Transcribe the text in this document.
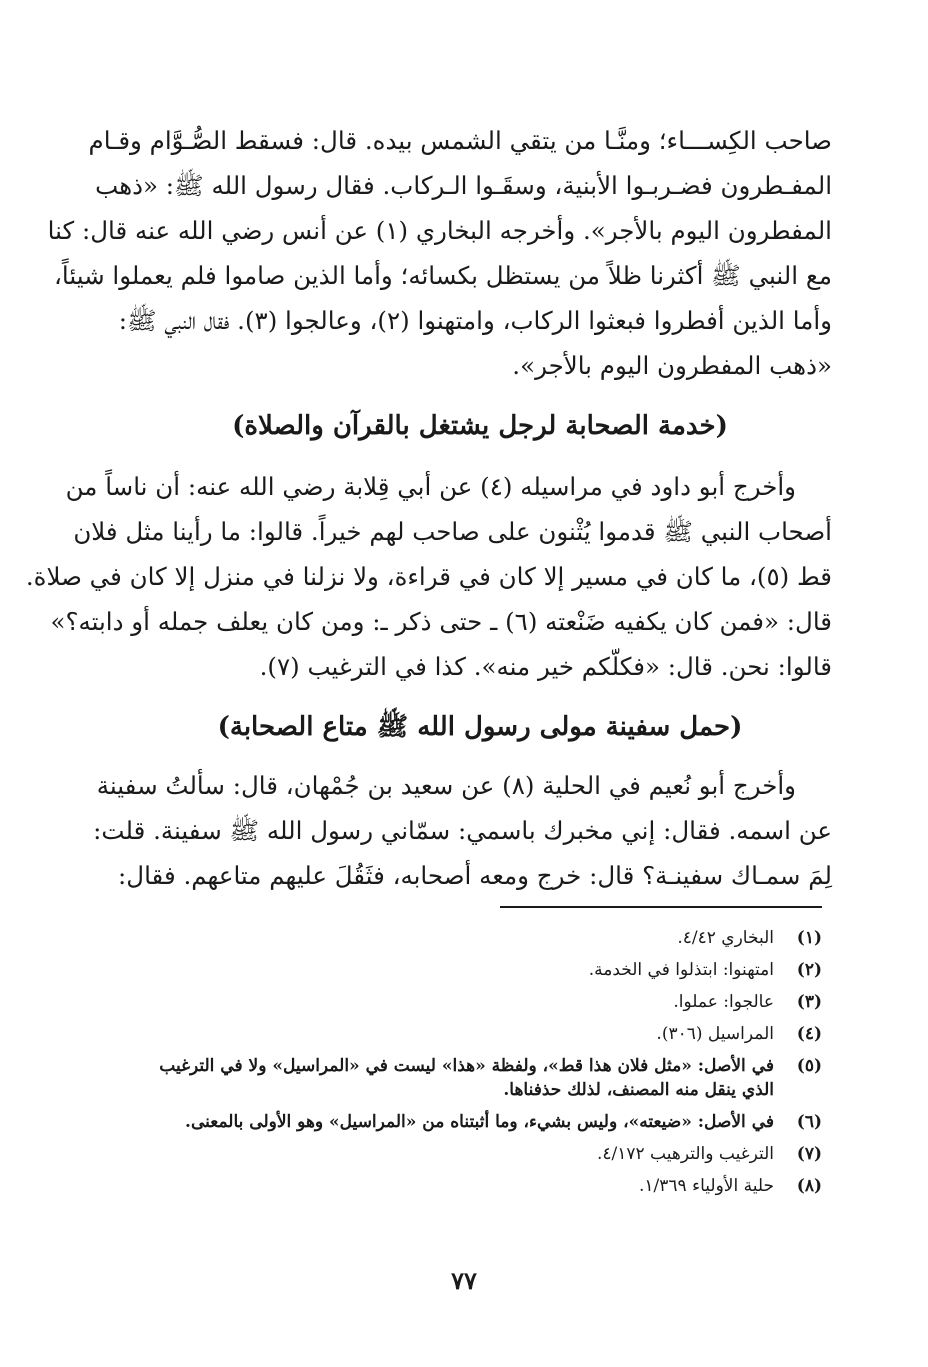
صاحب الكِســـاء؛ ومنَّـا من يتقي الشمس بيده. قال: فسقط الصُّـوَّام وقـام
المفـطرون فضـربـوا الأبنية، وسقَـوا الـركاب. فقال رسول الله ﷺ: «ذهب
المفطرون اليوم بالأجر». وأخرجه البخاري (١) عن أنس رضي الله عنه قال: كنا
مع النبي ﷺ أكثرنا ظلاً من يستظل بكسائه؛ وأما الذين صاموا فلم يعملوا شيئاً،
وأما الذين أفطروا فبعثوا الركاب، وامتهنوا (٢)، وعالجوا (٣). فقال النبي ﷺ:
«ذهب المفطرون اليوم بالأجر».

(خدمة الصحابة لرجل يشتغل بالقرآن والصلاة)

وأخرج أبو داود في مراسيله (٤) عن أبي قِلابة رضي الله عنه: أن ناساً من
أصحاب النبي ﷺ قدموا يُثْنون على صاحب لهم خيراً. قالوا: ما رأينا مثل فلان
قط (٥)، ما كان في مسير إلا كان في قراءة، ولا نزلنا في منزل إلا كان في صلاة.
قال: «فمن كان يكفيه ضَنْعته (٦) ـ حتى ذكر ـ: ومن كان يعلف جمله أو دابته؟»
قالوا: نحن. قال: «فكلّكم خير منه». كذا في الترغيب (٧).

(حمل سفينة مولى رسول الله ﷺ متاع الصحابة)

وأخرج أبو نُعيم في الحلية (٨) عن سعيد بن جُمْهان، قال: سألتُ سفينة
عن اسمه. فقال: إني مخبرك باسمي: سمّاني رسول الله ﷺ سفينة. قلت:
لِمَ سمـاك سفينـة؟ قال: خرج ومعه أصحابه، فثَقُلَ عليهم متاعهم. فقال:

(١)
البخاري ٤/٤٢.
(٢)
امتهنوا: ابتذلوا في الخدمة.
(٣)
عالجوا: عملوا.
(٤)
المراسيل (٣٠٦).
(٥)
في الأصل: «مثل فلان هذا قط»، ولفظة «هذا» ليست في «المراسيل» ولا في الترغيب الذي ينقل منه المصنف، لذلك حذفناها.
(٦)
في الأصل: «ضيعته»، وليس بشيء، وما أثبتناه من «المراسيل» وهو الأولى بالمعنى.
(٧)
الترغيب والترهيب ٤/١٧٢.
(٨)
حلية الأولياء ١/٣٦٩.
٧٧
